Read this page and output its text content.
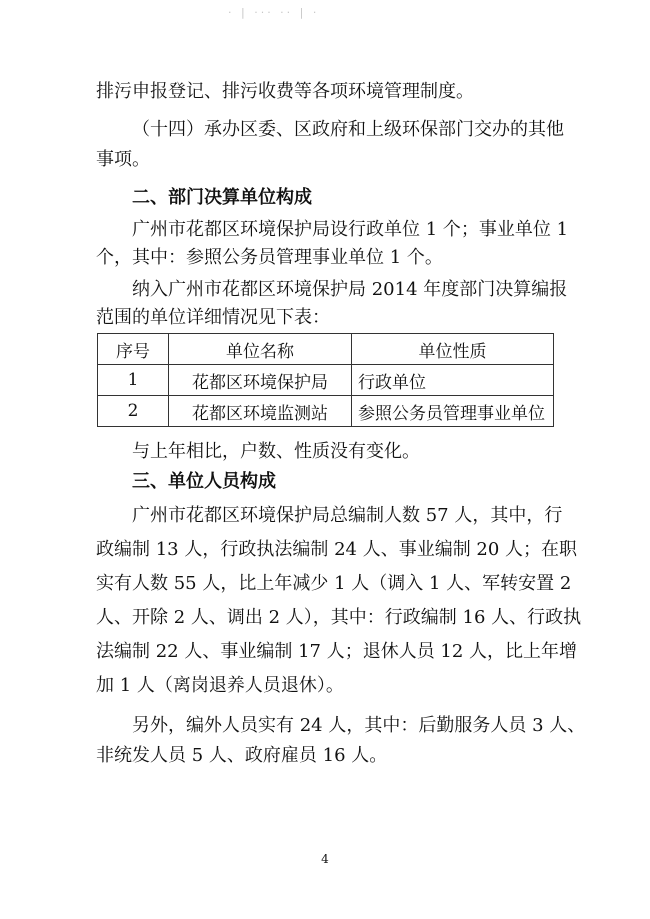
· | ··· ·· | ·
排污申报登记、排污收费等各项环境管理制度。
（十四）承办区委、区政府和上级环保部门交办的其他
事项。
二、部门决算单位构成
广州市花都区环境保护局设行政单位 1 个；事业单位 1
个，其中：参照公务员管理事业单位 1 个。
纳入广州市花都区环境保护局 2014 年度部门决算编报
范围的单位详细情况见下表：
序号	单位名称	单位性质
1	花都区环境保护局	行政单位
2	花都区环境监测站	参照公务员管理事业单位
与上年相比，户数、性质没有变化。
三、单位人员构成
广州市花都区环境保护局总编制人数 57 人，其中，行
政编制 13 人，行政执法编制 24 人、事业编制 20 人；在职
实有人数 55 人，比上年减少 1 人（调入 1 人、军转安置 2
人、开除 2 人、调出 2 人），其中：行政编制 16 人、行政执
法编制 22 人、事业编制 17 人；退休人员 12 人，比上年增
加 1 人（离岗退养人员退休）。
另外，编外人员实有 24 人，其中：后勤服务人员 3 人、
非统发人员 5 人、政府雇员 16 人。
4
